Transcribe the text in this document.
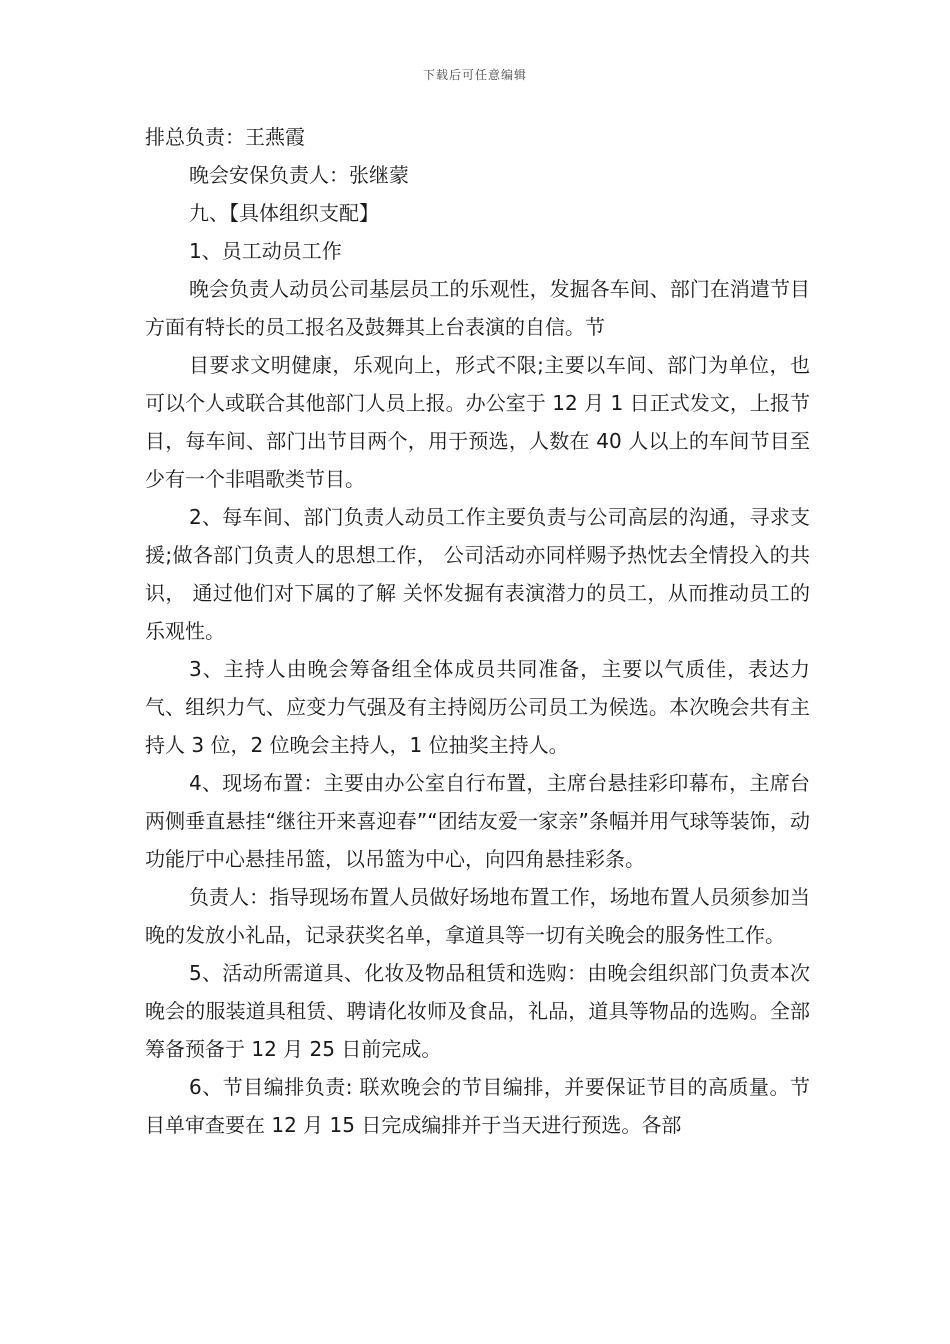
下载后可任意编辑

排总负责：王燕霞

晚会安保负责人：张继蒙

九、【具体组织支配】

1、员工动员工作

晚会负责人动员公司基层员工的乐观性，发掘各车间、部门在消遣节目方面有特长的员工报名及鼓舞其上台表演的自信。节

目要求文明健康，乐观向上，形式不限;主要以车间、部门为单位，也可以个人或联合其他部门人员上报。办公室于 12 月 1 日正式发文，上报节目，每车间、部门出节目两个，用于预选，人数在 40 人以上的车间节目至少有一个非唱歌类节目。

2、每车间、部门负责人动员工作主要负责与公司高层的沟通，寻求支援;做各部门负责人的思想工作， 公司活动亦同样赐予热忱去全情投入的共识， 通过他们对下属的了解 关怀发掘有表演潜力的员工，从而推动员工的乐观性。

3、主持人由晚会筹备组全体成员共同准备，主要以气质佳，表达力气、组织力气、应变力气强及有主持阅历公司员工为候选。本次晚会共有主持人 3 位，2 位晚会主持人，1 位抽奖主持人。

4、现场布置：主要由办公室自行布置，主席台悬挂彩印幕布，主席台两侧垂直悬挂“继往开来喜迎春”“团结友爱一家亲”条幅并用气球等装饰，动功能厅中心悬挂吊篮，以吊篮为中心，向四角悬挂彩条。

负责人：指导现场布置人员做好场地布置工作，场地布置人员须参加当晚的发放小礼品，记录获奖名单，拿道具等一切有关晚会的服务性工作。

5、活动所需道具、化妆及物品租赁和选购：由晚会组织部门负责本次晚会的服装道具租赁、聘请化妆师及食品，礼品，道具等物品的选购。全部筹备预备于 12 月 25 日前完成。

6、节目编排负责: 联欢晚会的节目编排，并要保证节目的高质量。节目单审查要在 12 月 15 日完成编排并于当天进行预选。各部
